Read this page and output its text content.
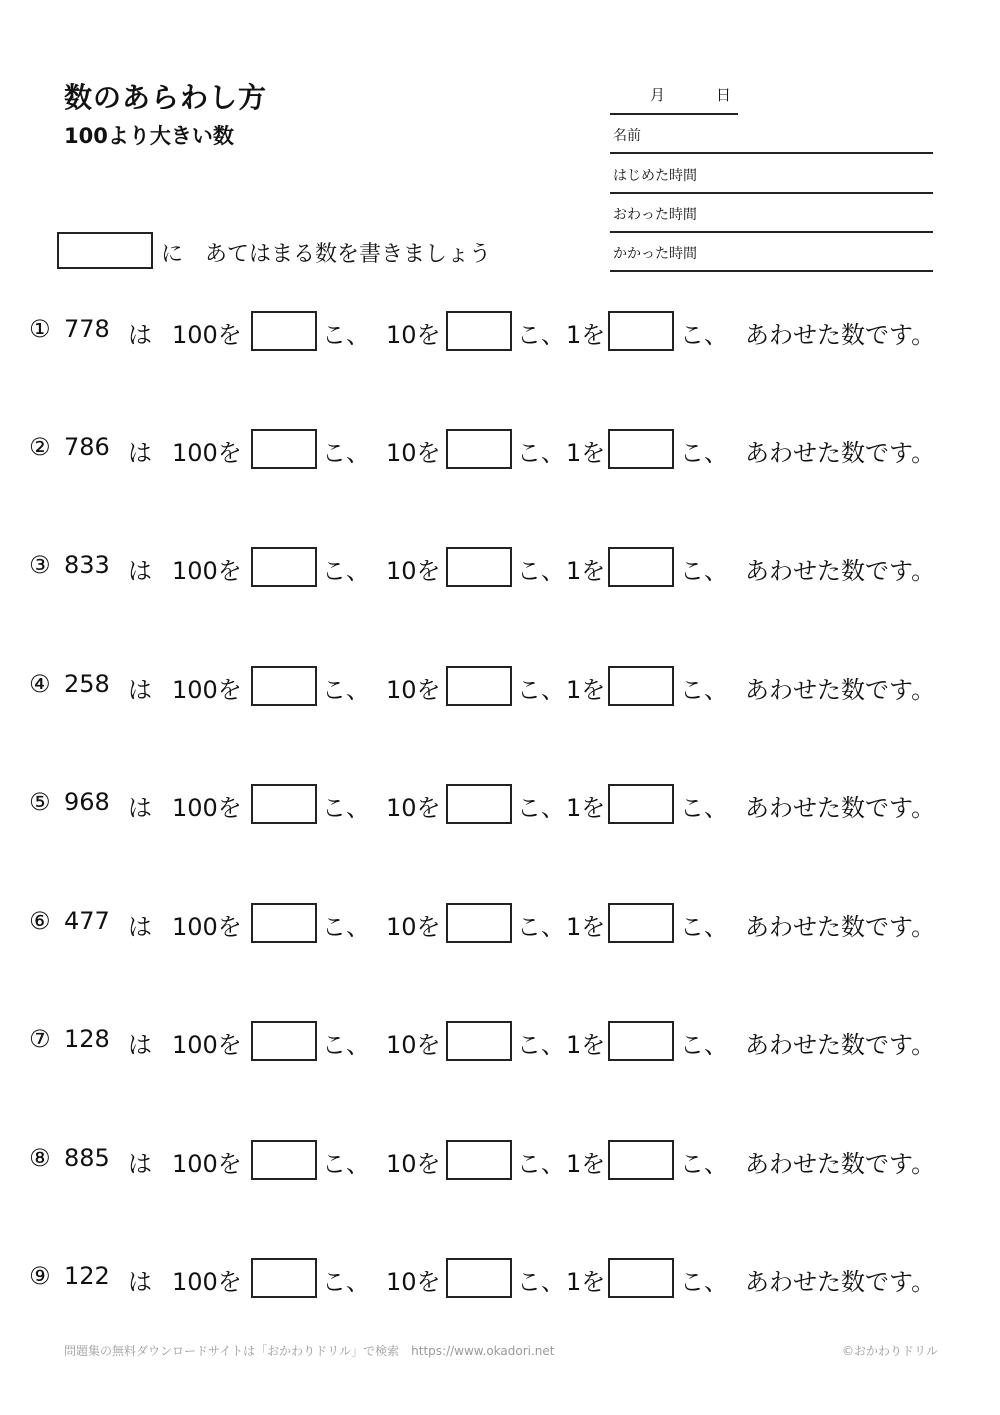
数のあらわし方
100より大きい数
月	日
名前
はじめた時間
おわった時間
かかった時間
に　あてはまる数を書きましょう
① 778 は 100を	こ、 10を	こ、 1を	こ、 あわせた数です。
② 786 は 100を	こ、 10を	こ、 1を	こ、 あわせた数です。
③ 833 は 100を	こ、 10を	こ、 1を	こ、 あわせた数です。
④ 258 は 100を	こ、 10を	こ、 1を	こ、 あわせた数です。
⑤ 968 は 100を	こ、 10を	こ、 1を	こ、 あわせた数です。
⑥ 477 は 100を	こ、 10を	こ、 1を	こ、 あわせた数です。
⑦ 128 は 100を	こ、 10を	こ、 1を	こ、 あわせた数です。
⑧ 885 は 100を	こ、 10を	こ、 1を	こ、 あわせた数です。
⑨ 122 は 100を	こ、 10を	こ、 1を	こ、 あわせた数です。
問題集の無料ダウンロードサイトは「おかわりドリル」で検索　https://www.okadori.net	©おかわりドリル
